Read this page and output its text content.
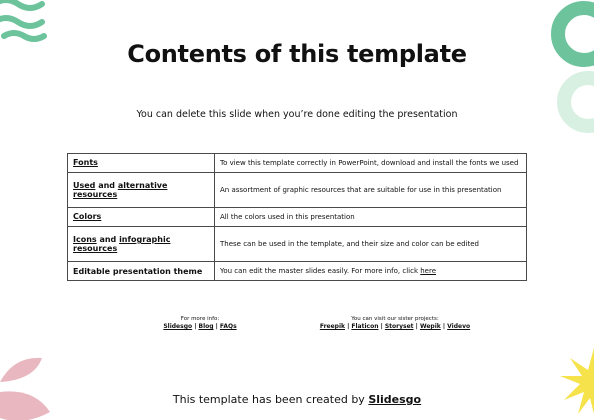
Contents of this template
You can delete this slide when you’re done editing the presentation
Fonts	To view this template correctly in PowerPoint, download and install the fonts we used
Used and alternative resources	An assortment of graphic resources that are suitable for use in this presentation
Colors	All the colors used in this presentation
Icons and infographic resources	These can be used in the template, and their size and color can be edited
Editable presentation theme	You can edit the master slides easily. For more info, click here
For more info:
Slidesgo | Blog | FAQs
You can visit our sister projects:
Freepik | Flaticon | Storyset | Wepik | Videvo
This template has been created by Slidesgo
